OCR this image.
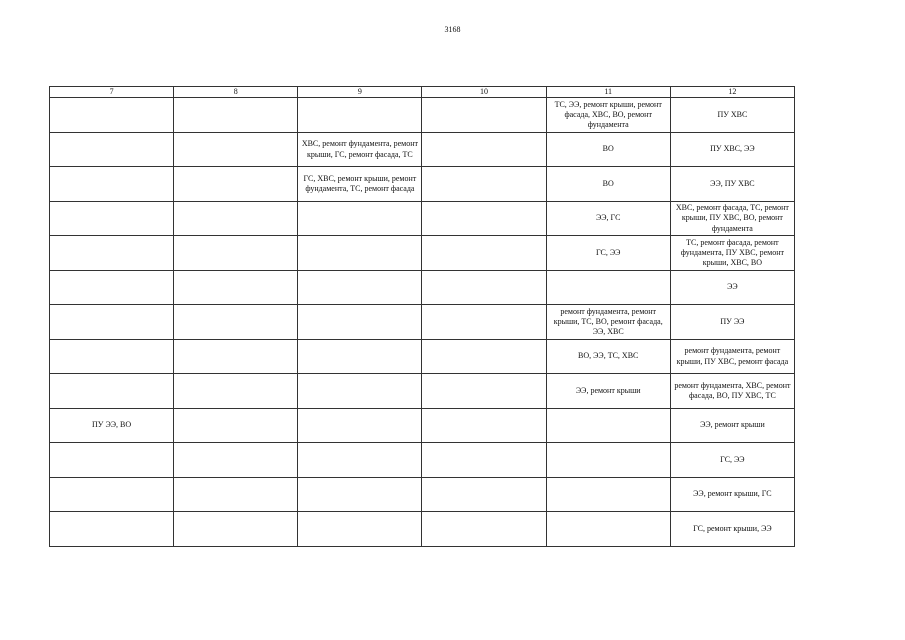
3168
7	8	9	10	11	12
				ТС, ЭЭ, ремонт крыши, ремонт фасада, ХВС, ВО, ремонт фундамента	ПУ ХВС
		ХВС, ремонт фундамента, ремонт крыши, ГС, ремонт фасада, ТС		ВО	ПУ ХВС, ЭЭ
		ГС, ХВС, ремонт крыши, ремонт фундамента, ТС, ремонт фасада		ВО	ЭЭ, ПУ ХВС
				ЭЭ, ГС	ХВС, ремонт фасада, ТС, ремонт крыши, ПУ ХВС, ВО, ремонт фундамента
				ГС, ЭЭ	ТС, ремонт фасада, ремонт фундамента, ПУ ХВС, ремонт крыши, ХВС, ВО
					ЭЭ
				ремонт фундамента, ремонт крыши, ТС, ВО, ремонт фасада, ЭЭ, ХВС	ПУ ЭЭ
				ВО, ЭЭ, ТС, ХВС	ремонт фундамента, ремонт крыши, ПУ ХВС, ремонт фасада
				ЭЭ, ремонт крыши	ремонт фундамента, ХВС, ремонт фасада, ВО, ПУ ХВС, ТС
ПУ ЭЭ, ВО					ЭЭ, ремонт крыши
					ГС, ЭЭ
					ЭЭ, ремонт крыши, ГС
					ГС, ремонт крыши, ЭЭ
